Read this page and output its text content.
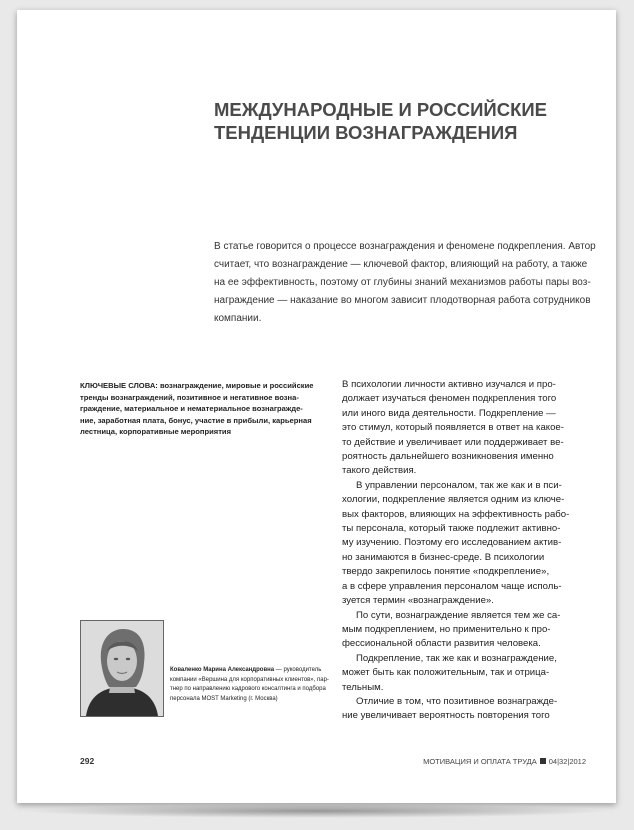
МЕЖДУНАРОДНЫЕ И РОССИЙСКИЕ
ТЕНДЕНЦИИ ВОЗНАГРАЖДЕНИЯ
В статье говорится о процессе вознаграждения и феномене подкрепления. Автор
считает, что вознаграждение — ключевой фактор, влияющий на работу, а также
на ее эффективность, поэтому от глубины знаний механизмов работы пары воз-
награждение — наказание во многом зависит плодотворная работа сотрудников
компании.
КЛЮЧЕВЫЕ СЛОВА: вознаграждение, мировые и российские
тренды вознаграждений, позитивное и негативное возна-
граждение, материальное и нематериальное вознагражде-
ние, заработная плата, бонус, участие в прибыли, карьерная
лестница, корпоративные мероприятия
В психологии личности активно изучался и про-
должает изучаться феномен подкрепления того
или иного вида деятельности. Подкрепление —
это стимул, который появляется в ответ на какое-
то действие и увеличивает или поддерживает ве-
роятность дальнейшего возникновения именно
такого действия.
В управлении персоналом, так же как и в пси-
хологии, подкрепление является одним из ключе-
вых факторов, влияющих на эффективность рабо-
ты персонала, который также подлежит активно-
му изучению. Поэтому его исследованием актив-
но занимаются в бизнес-среде. В психологии
твердо закрепилось понятие «подкрепление»,
а в сфере управления персоналом чаще исполь-
зуется термин «вознаграждение».
По сути, вознаграждение является тем же са-
мым подкреплением, но применительно к про-
фессиональной области развития человека.
Подкрепление, так же как и вознаграждение,
может быть как положительным, так и отрица-
тельным.
Отличие в том, что позитивное вознагражде-
ние увеличивает вероятность повторения того
Коваленко Марина Александровна — руководитель
компании «Вершина для корпоративных клиентов», пар-
тнер по направлению кадрового консалтинга и подбора
персонала MOST Marketing (г. Москва)
292	МОТИВАЦИЯ И ОПЛАТА ТРУДА 04|32|2012
